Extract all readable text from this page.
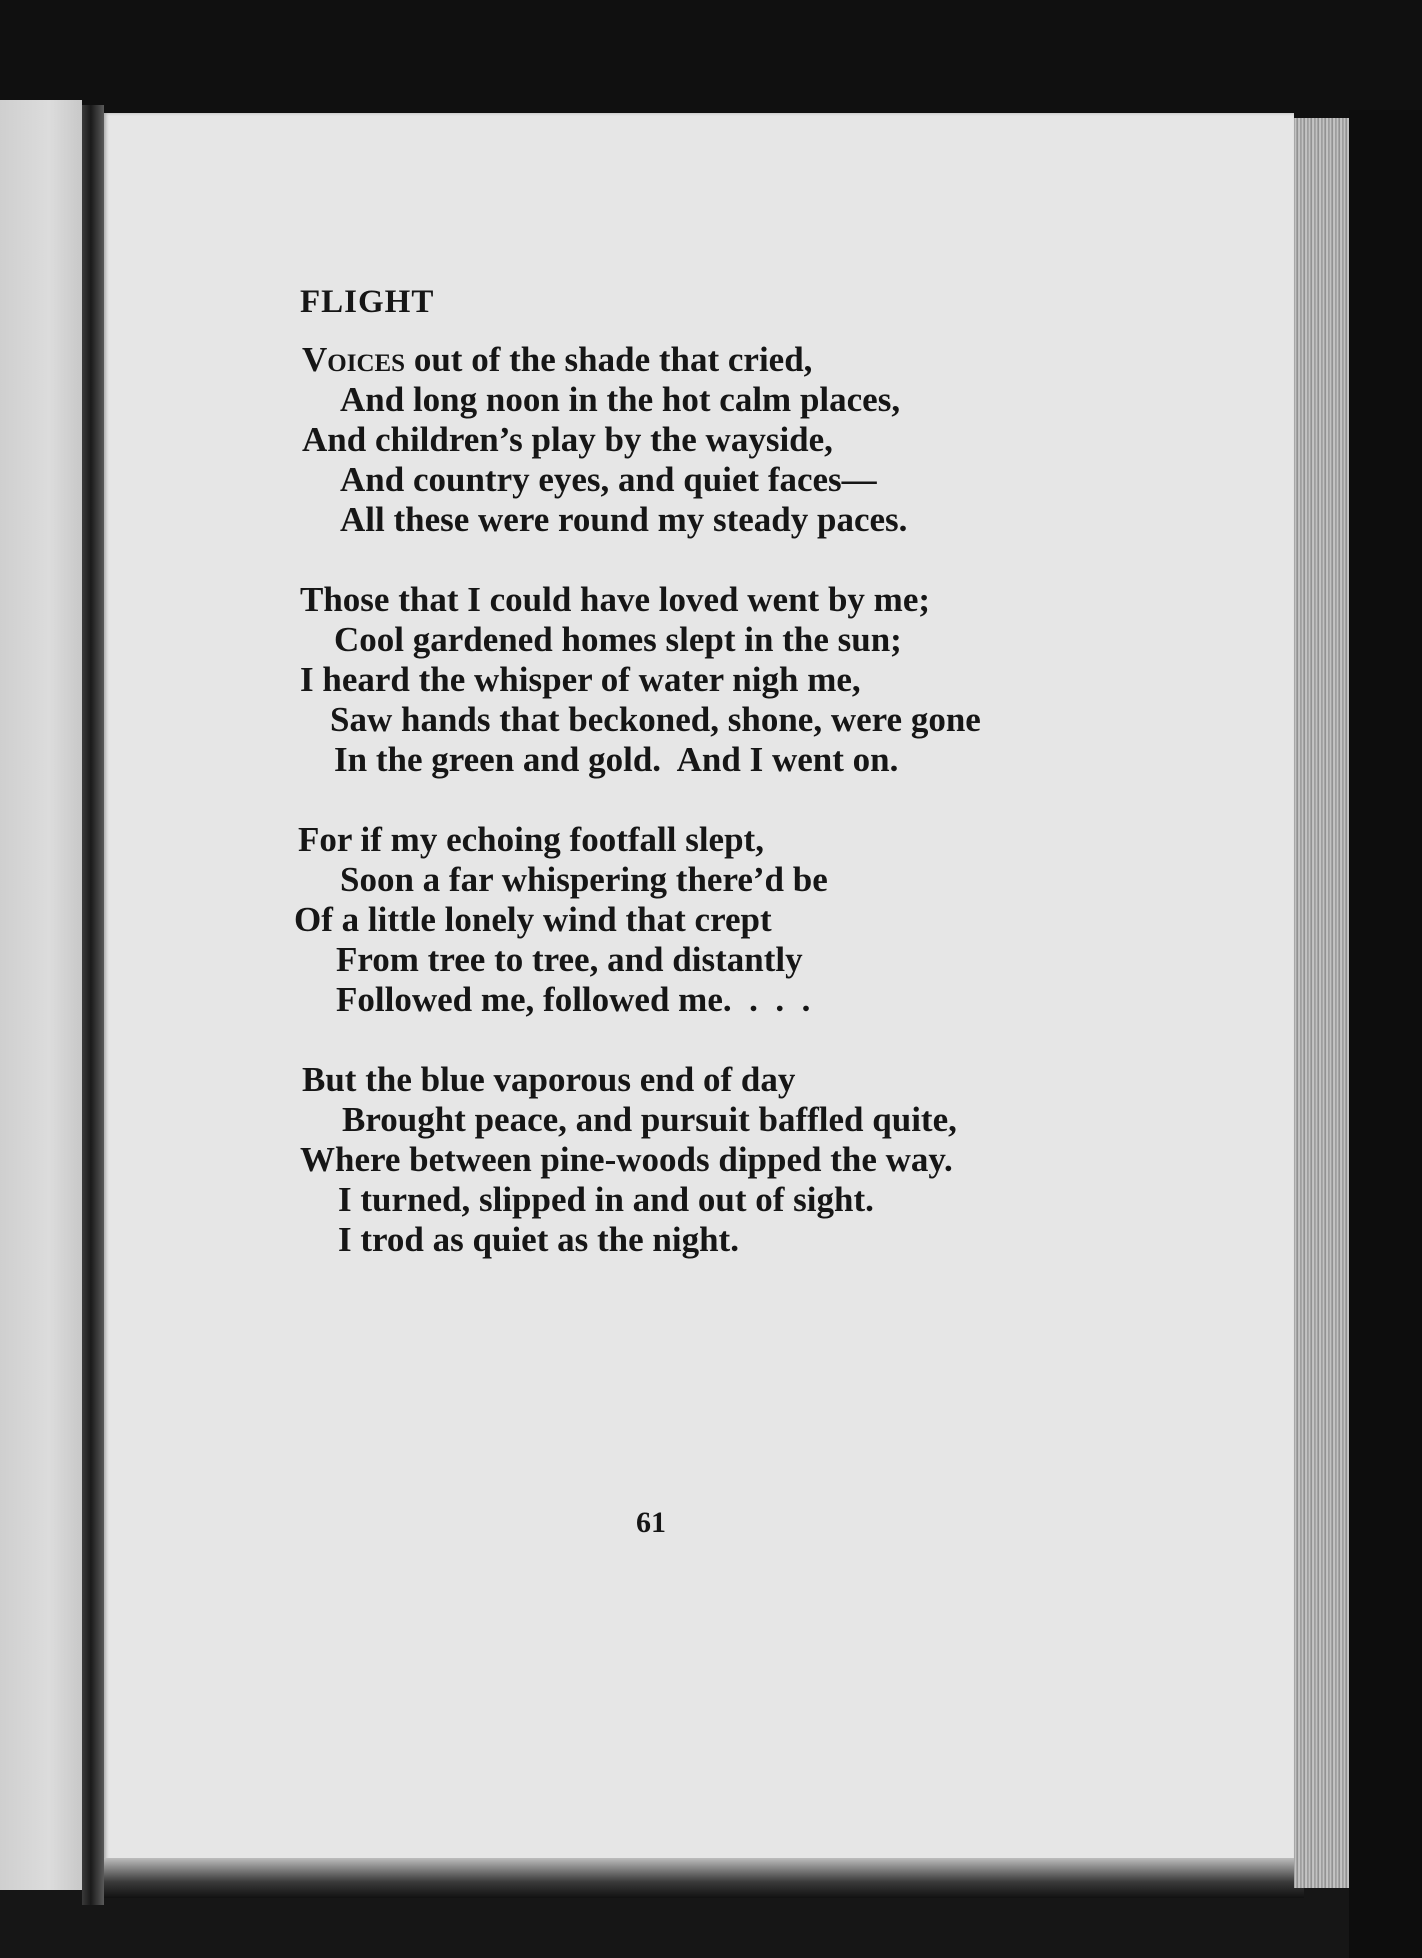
FLIGHT
Voices out of the shade that cried,
And long noon in the hot calm places,
And children’s play by the wayside,
And country eyes, and quiet faces—
All these were round my steady paces.
Those that I could have loved went by me;
Cool gardened homes slept in the sun;
I heard the whisper of water nigh me,
Saw hands that beckoned, shone, were gone
In the green and gold.  And I went on.
For if my echoing footfall slept,
Soon a far whispering there’d be
Of a little lonely wind that crept
From tree to tree, and distantly
Followed me, followed me.  .  .  .
But the blue vaporous end of day
Brought peace, and pursuit baffled quite,
Where between pine-woods dipped the way.
I turned, slipped in and out of sight.
I trod as quiet as the night.
61
